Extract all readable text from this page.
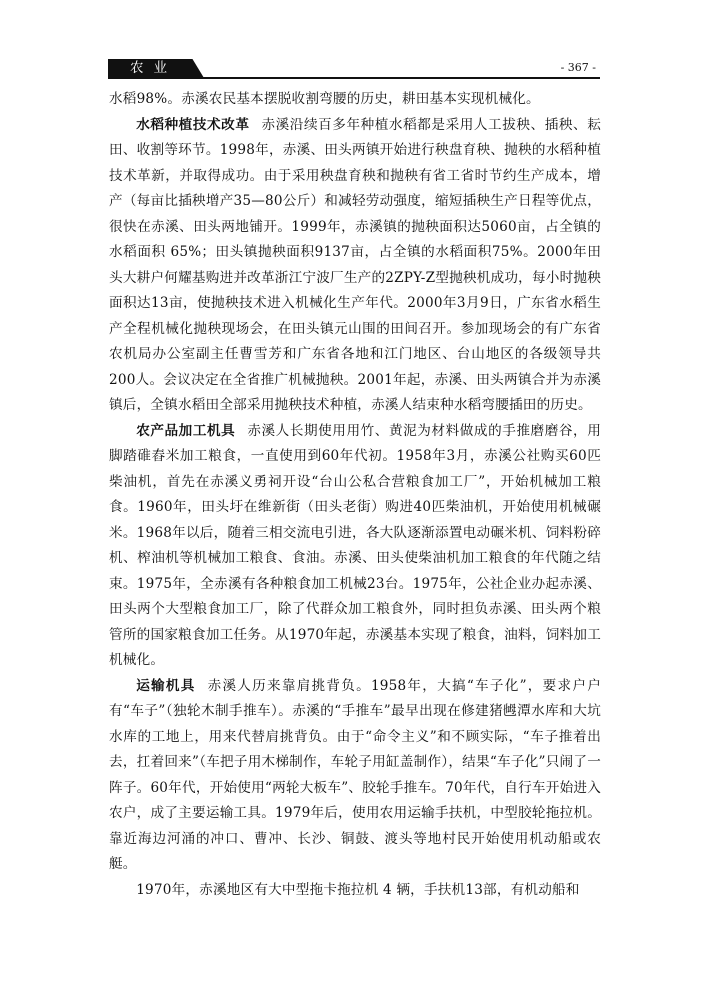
农业	- 367 -

水稻98%。赤溪农民基本摆脱收割弯腰的历史，耕田基本实现机械化。

水稻种植技术改革 赤溪沿续百多年种植水稻都是采用人工拔秧、插秧、耘田、收割等环节。1998年，赤溪、田头两镇开始进行秧盘育秧、抛秧的水稻种植技术革新，并取得成功。由于采用秧盘育秧和抛秧有省工省时节约生产成本，增产（每亩比插秧增产35—80公斤）和减轻劳动强度，缩短插秧生产日程等优点，很快在赤溪、田头两地铺开。1999年，赤溪镇的抛秧面积达5060亩，占全镇的水稻面积 65%；田头镇抛秧面积9137亩，占全镇的水稻面积75%。2000年田头大耕户何耀基购进并改革浙江宁波厂生产的2ZPY-Z型抛秧机成功，每小时抛秧面积达13亩，使抛秧技术进入机械化生产年代。2000年3月9日，广东省水稻生产全程机械化抛秧现场会，在田头镇元山围的田间召开。参加现场会的有广东省农机局办公室副主任曹雪芳和广东省各地和江门地区、台山地区的各级领导共200人。会议决定在全省推广机械抛秧。2001年起，赤溪、田头两镇合并为赤溪镇后，全镇水稻田全部采用抛秧技术种植，赤溪人结束种水稻弯腰插田的历史。

农产品加工机具 赤溪人长期使用用竹、黄泥为材料做成的手推磨磨谷，用脚踏碓舂米加工粮食，一直使用到60年代初。1958年3月，赤溪公社购买60匹柴油机，首先在赤溪义勇祠开设“台山公私合营粮食加工厂”，开始机械加工粮食。1960年，田头圩在维新街（田头老街）购进40匹柴油机，开始使用机械碾米。1968年以后，随着三相交流电引进，各大队逐渐添置电动碾米机、饲料粉碎机、榨油机等机械加工粮食、食油。赤溪、田头使柴油机加工粮食的年代随之结束。1975年，全赤溪有各种粮食加工机械23台。1975年，公社企业办起赤溪、田头两个大型粮食加工厂，除了代群众加工粮食外，同时担负赤溪、田头两个粮管所的国家粮食加工任务。从1970年起，赤溪基本实现了粮食，油料，饲料加工机械化。

运输机具 赤溪人历来靠肩挑背负。1958年，大搞“车子化”，要求户户有“车子”（独轮木制手推车）。赤溪的“手推车”最早出现在修建猪乸潭水库和大坑水库的工地上，用来代替肩挑背负。由于“命令主义”和不顾实际，“车子推着出去，扛着回来”（车把子用木梯制作，车轮子用缸盖制作），结果“车子化”只闹了一阵子。60年代，开始使用“两轮大板车”、胶轮手推车。70年代，自行车开始进入农户，成了主要运输工具。1979年后，使用农用运输手扶机，中型胶轮拖拉机。靠近海边河涌的冲口、曹冲、长沙、铜鼓、渡头等地村民开始使用机动船或农艇。

1970年，赤溪地区有大中型拖卡拖拉机 4 辆，手扶机13部，有机动船和
